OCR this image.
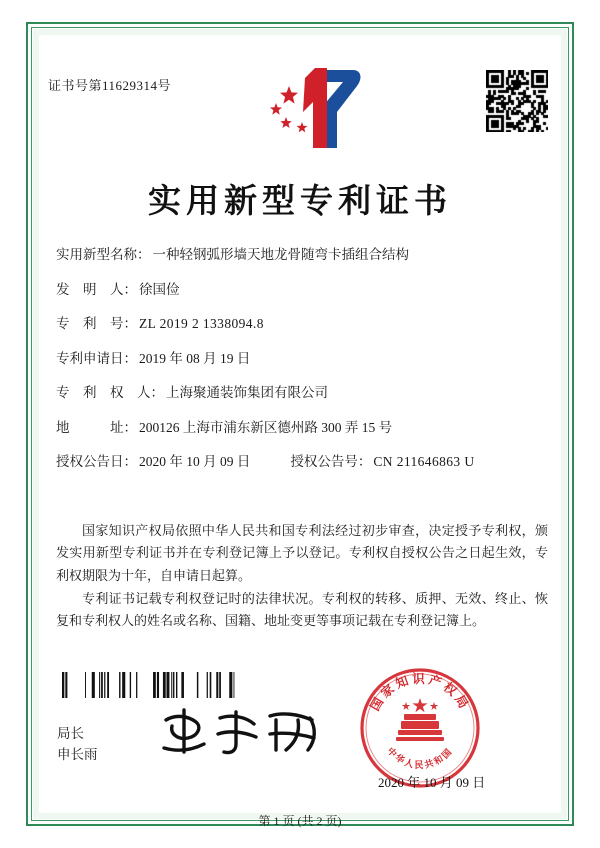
证书号第11629314号
实用新型专利证书
实用新型名称： 一种轻钢弧形墙天地龙骨随弯卡插组合结构
发　明　人： 徐国俭
专　利　号： ZL 2019 2 1338094.8
专利申请日： 2019 年 08 月 19 日
专　利　权　人： 上海聚通装饰集团有限公司
地　　　址： 200126 上海市浦东新区德州路 300 弄 15 号
授权公告日： 2020 年 10 月 09 日	授权公告号： CN 211646863 U

国家知识产权局依照中华人民共和国专利法经过初步审查，决定授予专利权，颁发实用新型专利证书并在专利登记簿上予以登记。专利权自授权公告之日起生效，专利权期限为十年，自申请日起算。

专利证书记载专利权登记时的法律状况。专利权的转移、质押、无效、终止、恢复和专利权人的姓名或名称、国籍、地址变更等事项记载在专利登记簿上。

局长
申长雨
国家知识产权局
中华人民共和国
2020 年 10 月 09 日
第 1 页 (共 2 页)
